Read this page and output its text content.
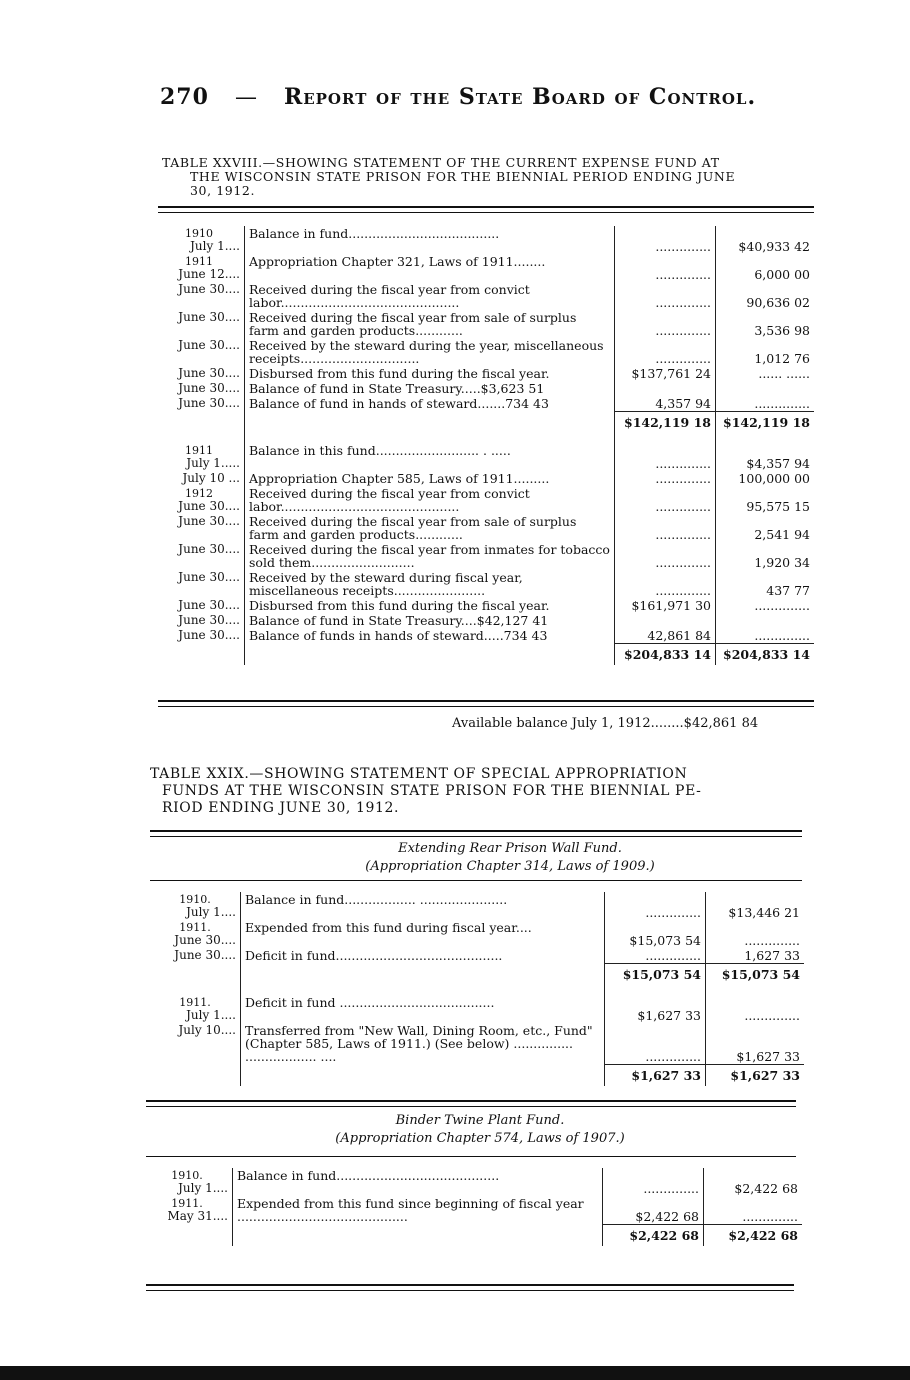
270 — Report of the State Board of Control.
TABLE XXVIII.—SHOWING STATEMENT OF THE CURRENT EXPENSE FUND AT
THE WISCONSIN STATE PRISON FOR THE BIENNIAL PERIOD ENDING JUNE
30, 1912.
1910
July 1....	Balance in fund......................................	..............	$40,933 42

1911
June 12....	Appropriation Chapter 321, Laws of 1911........	..............	6,000 00
June 30....	Received during the fiscal year from convict labor.............................................	..............	90,636 02
June 30....	Received during the fiscal year from sale of surplus farm and garden products............	..............	3,536 98
June 30....	Received by the steward during the year, miscellaneous receipts..............................	..............	1,012 76
June 30....	Disbursed from this fund during the fiscal year.	$137,761 24	...... ......
June 30....	Balance of fund in State Treasury.....$3,623 51		
June 30....	Balance of fund in hands of steward.......734 43	4,357 94	..............
		$142,119 18	$142,119 18

1911
July 1.....	Balance in this fund.......................... . .....	..............	$4,357 94
July 10 ...	Appropriation Chapter 585, Laws of 1911.........	..............	100,000 00

1912
June 30....	Received during the fiscal year from convict labor.............................................	..............	95,575 15
June 30....	Received during the fiscal year from sale of surplus farm and garden products............	..............	2,541 94
June 30....	Received during the fiscal year from inmates for tobacco sold them..........................	..............	1,920 34
June 30....	Received by the steward during fiscal year, miscellaneous receipts.......................	..............	437 77
June 30....	Disbursed from this fund during the fiscal year.	$161,971 30	..............
June 30....	Balance of fund in State Treasury....$42,127 41		
June 30....	Balance of funds in hands of steward.....734 43	42,861 84	..............
		$204,833 14	$204,833 14
Available balance July 1, 1912........$42,861 84
TABLE XXIX.—SHOWING STATEMENT OF SPECIAL APPROPRIATION
FUNDS AT THE WISCONSIN STATE PRISON FOR THE BIENNIAL PE-
RIOD ENDING JUNE 30, 1912.
Extending Rear Prison Wall Fund.
(Appropriation Chapter 314, Laws of 1909.)
1910.
July 1....	Balance in fund.................. ......................	..............	$13,446 21

1911.
June 30....	Expended from this fund during fiscal year....	$15,073 54	..............
June 30....	Deficit in fund..........................................	..............	1,627 33
		$15,073 54	$15,073 54

1911.
July 1....	Deficit in fund .......................................	$1,627 33	..............
July 10....	Transferred from "New Wall, Dining Room, etc., Fund" (Chapter 585, Laws of 1911.) (See below) ............... .................. ....	..............	$1,627 33
		$1,627 33	$1,627 33
Binder Twine Plant Fund.
(Appropriation Chapter 574, Laws of 1907.)
1910.
July 1....	Balance in fund.........................................	..............	$2,422 68

1911.
May 31....	Expended from this fund since beginning of fiscal year ...........................................	$2,422 68	..............
		$2,422 68	$2,422 68
